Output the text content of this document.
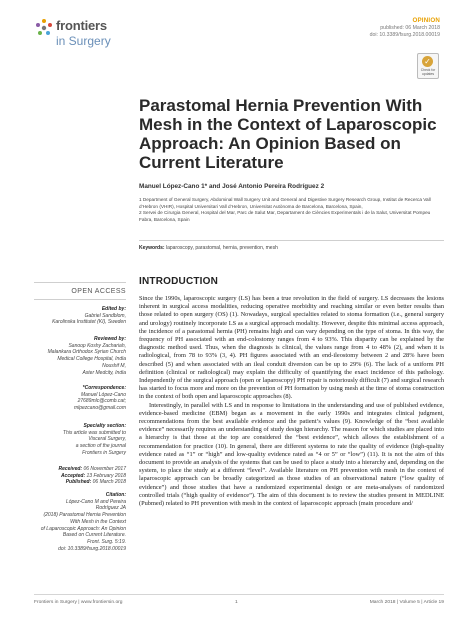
frontiers
in Surgery
OPINION
published: 06 March 2018
doi: 10.3389/fsurg.2018.00019
✓
Check for updates
Parastomal Hernia Prevention With Mesh in the Context of Laparoscopic Approach: An Opinion Based on Current Literature
Manuel López-Cano 1* and José Antonio Pereira Rodríguez 2
1 Department of General Surgery, Abdominal Wall Surgery Unit and General and Digestive Surgery Research Group, Institut de Recerca Vall d’Hebron (VHIR), Hospital Universitari Vall d’Hebron, Universitat Autònoma de Barcelona, Barcelona, Spain,
2 Servei de Cirurgia General, Hospital del Mar, Parc de Salut Mar, Departament de Ciències Experimentals i de la Salut, Universitat Pompeu Fabra, Barcelona, Spain
Keywords: laparoscopy, parastomal, hernia, prevention, mesh
INTRODUCTION

Since the 1990s, laparoscopic surgery (LS) has been a true revolution in the field of surgery. LS decreases the lesions inherent in surgical access modalities, reducing operative morbidity and reaching similar or even better results than those related to open surgery (OS) (1). Nowadays, surgical specialties related to stoma formation (i.e., general surgery and urology) routinely incorporate LS as a surgical approach modality. However, despite this minimal access approach, the incidence of a parastomal hernia (PH) remains high and can vary depending on the type of stoma. In this way, the frequency of PH associated with an end-colostomy ranges from 4 to 93%. This disparity can be explained by the diagnostic method used. Thus, when the diagnosis is clinical, the values range from 4 to 48% (2), and when it is radiological, from 78 to 93% (3, 4). PH figures associated with an end-ileostomy between 2 and 28% have been described (5) and when associated with an ileal conduit diversion can be up to 29% (6). The lack of a uniform PH definition (clinical or radiological) may explain the difficulty of quantifying the exact incidence of this pathology. Independently of the surgical approach (open or laparoscopy) PH repair is notoriously difficult (7) and surgical research has started to focus more and more on the prevention of PH formation by using mesh at the time of stoma construction in the context of both open and laparoscopic approaches (8).

Interestingly, in parallel with LS and in response to limitations in the understanding and use of published evidence, evidence-based medicine (EBM) began as a movement in the early 1990s and integrates clinical judgment, recommendations from the best available evidence and the patient’s values (9). Knowledge of the “best available evidence” necessarily requires an understanding of study design hierarchy. The reason for which studies are placed into a hierarchy is that those at the top are considered the “best evidence”, which allows the establishment of a recommendation for practice (10). In general, there are different systems to rate the quality of evidence (high-quality evidence rated as “1” or “high” and low-quality evidence rated as “4 or 5” or “low”) (11). It is not the aim of this document to provide an analysis of the systems that can be used to place a study into a hierarchy and, depending on the system, to place the study at a different “level”. Available literature on PH prevention with mesh in the context of laparoscopic approach can be broadly categorized as those studies of an observational nature (“low quality of evidence”) and those studies that have a randomized experimental design or are meta-analyses of randomized controlled trials (“high quality of evidence”). The aim of this document is to review the studies present in MEDLINE (Pubmed) related to PH prevention with mesh in the context of laparoscopic approach (main procedure and/

OPEN ACCESS
Edited by:
Gabriel Sandblom,
Karolinska Institutet (KI), Sweden
Reviewed by:
Sanoop Koshy Zachariah,
Malankara Orthodox Syrian Church
Medical College Hospital, India
Noushif M,
Aster Medcity, India
*Correspondence:
Manuel López-Cano
27689mlc@comb.cat;
mlpezcano@gmail.com
Specialty section:
This article was submitted to
Visceral Surgery,
a section of the journal
Frontiers in Surgery
Received: 06 November 2017
Accepted: 13 February 2018
Published: 06 March 2018
Citation:
López-Cano M and Pereira
Rodríguez JA
(2018) Parastomal Hernia Prevention
With Mesh in the Context
of Laparoscopic Approach: An Opinion
Based on Current Literature.
Front. Surg. 5:19.
doi: 10.3389/fsurg.2018.00019
Frontiers in Surgery | www.frontiersin.org	1	March 2018 | Volume 5 | Article 19
